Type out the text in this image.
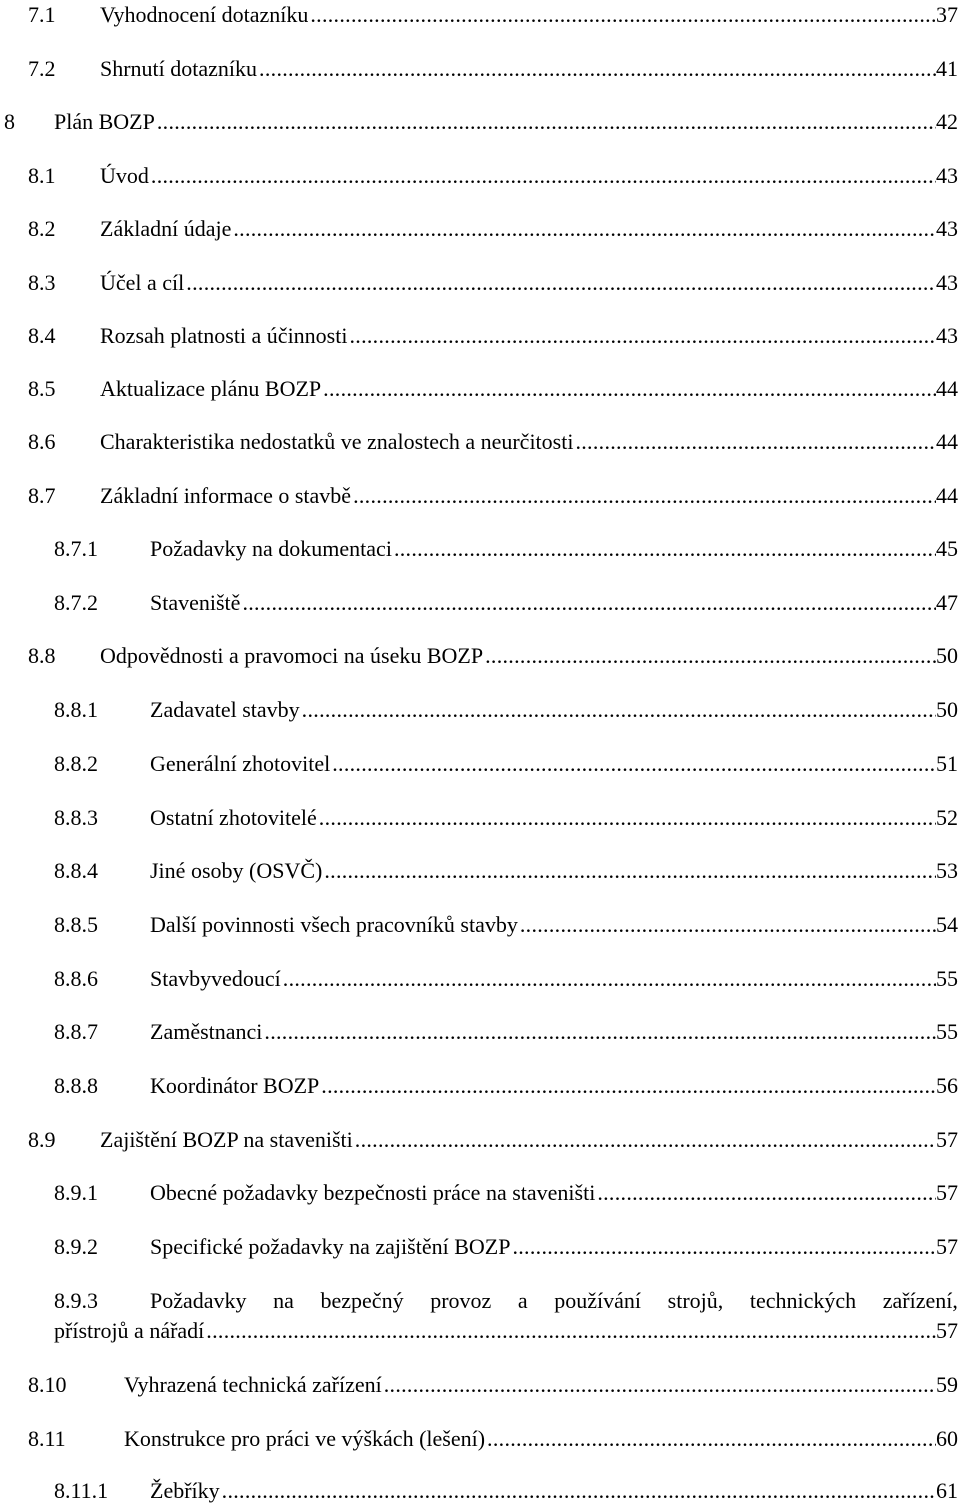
7.1 Vyhodnocení dotazníku . . .	37
7.2 Shrnutí dotazníku . . .	41
8 Plán BOZP . . .	42
8.1 Úvod . . .	43
8.2 Základní údaje . . .	43
8.3 Účel a cíl . . .	43
8.4 Rozsah platnosti a účinnosti . . .	43
8.5 Aktualizace plánu BOZP . . .	44
8.6 Charakteristika nedostatků ve znalostech a neurčitosti . . .	44
8.7 Základní informace o stavbě . . .	44
8.7.1 Požadavky na dokumentaci . . .	45
8.7.2 Staveniště . . .	47
8.8 Odpovědnosti a pravomoci na úseku BOZP . . .	50
8.8.1 Zadavatel stavby . . .	50
8.8.2 Generální zhotovitel . . .	51
8.8.3 Ostatní zhotovitelé . . .	52
8.8.4 Jiné osoby (OSVČ) . . .	53
8.8.5 Další povinnosti všech pracovníků stavby . . .	54
8.8.6 Stavbyvedoucí . . .	55
8.8.7 Zaměstnanci . . .	55
8.8.8 Koordinátor BOZP . . .	56
8.9 Zajištění BOZP na staveništi . . .	57
8.9.1 Obecné požadavky bezpečnosti práce na staveništi . . .	57
8.9.2 Specifické požadavky na zajištění BOZP . . .	57
8.9.3 Požadavky na bezpečný provoz a používání strojů, technických zařízení,
přístrojů a nářadí . . .	57
8.10	Vyhrazená technická zařízení . . .	59
8.11	Konstrukce pro práci ve výškách (lešení) . . .	60
8.11.1 Žebříky . . .	61
